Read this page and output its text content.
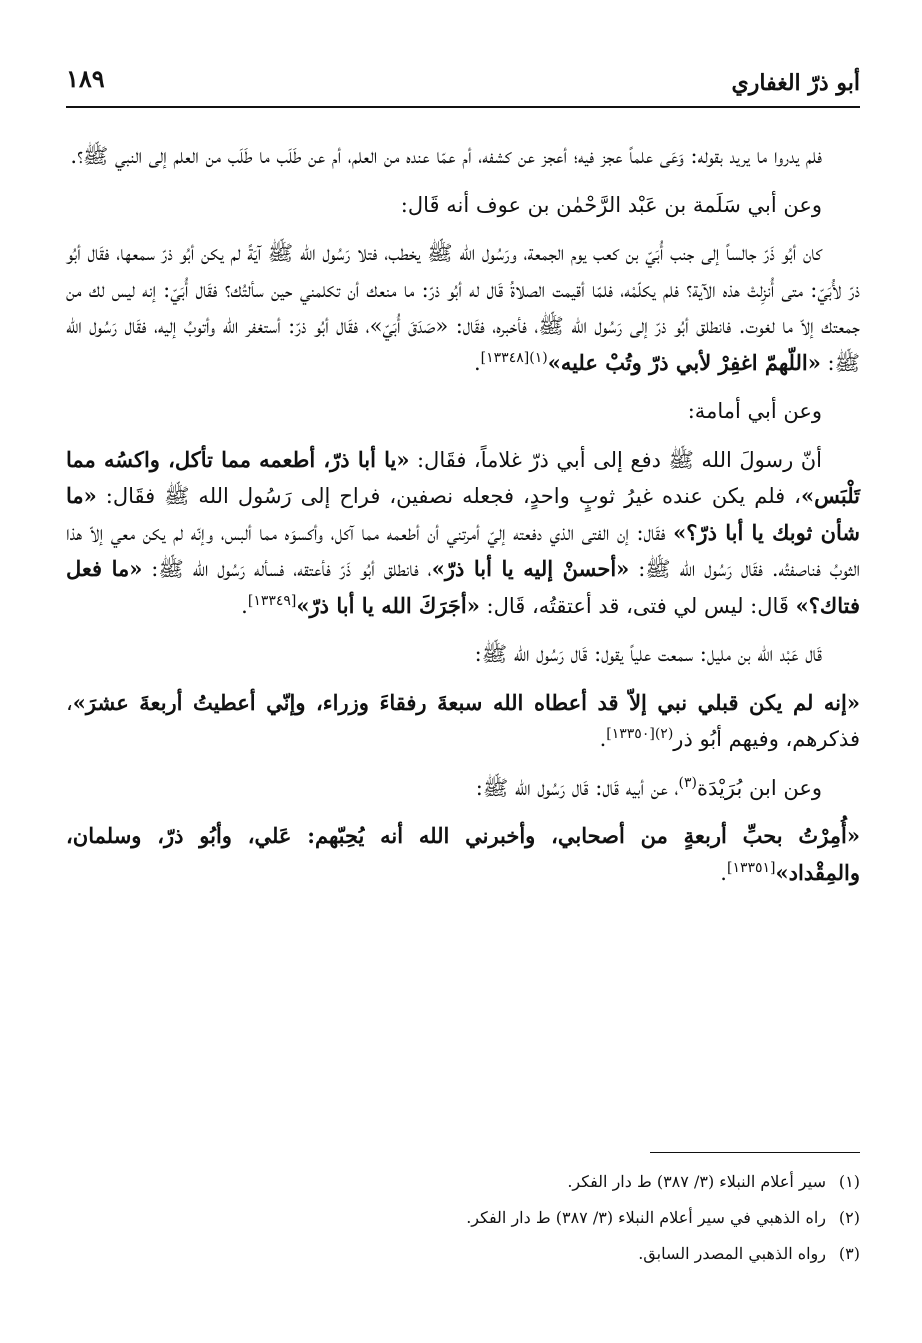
أبو ذرّ الغفاري
١٨٩

فلم يدروا ما يريد بقوله: وَعَى علماً عجز فيه؛ أعجز عن كشفه، أم عمّا عنده من العلم، أم عن طَلَب ما طَلَب من العلم إلى النبي ﷺ؟.

وعن أبي سَلَمة بن عَبْد الرَّحْمٰن بن عوف أنه قَال:

كان أبُو ذَرّ جالساً إلى جنب أُبَيّ بن كعب يوم الجمعة، ورَسُول الله ﷺ يخطب، فتلا رَسُول الله ﷺ آيَةً لم يكن أبُو ذرّ سمعها، فقَال أبُو ذرّ لأُبَيّ: متى أُنزِلتْ هذه الآية؟ فلم يكلّمْه، فلمّا أقيمت الصلاةُ قَال له أبُو ذرّ: ما منعك أن تكلمني حين سألتُك؟ فقَال أُبَيّ: إنه ليس لك من جمعتك إلاّ ما لغوت. فانطلق أبُو ذرّ إلى رَسُول الله ﷺ، فأخبره، فقَال: «صَدَقَ أُبَيّ»، فقَال أبُو ذرّ: أستغفر الله وأتوبُ إليه، فقَال رَسُول الله ﷺ: «اللّهمّ اغفِرْ لأبي ذرّ وتُبْ عليه»$^{(١)[١٣٣٤٨]}$.

وعن أبي أمامة:

أنّ رسولَ الله ﷺ دفع إلى أبي ذرّ غلاماً، فقَال: «يا أبا ذرّ، أطعمه مما تأكل، واكسُه مما تَلْبَس»، فلم يكن عنده غيرُ ثوبٍ واحدٍ، فجعله نصفين، فراح إلى رَسُول الله ﷺ فقَال: «ما شأن ثوبك يا أبا ذرّ؟» فقَال: إن الفتى الذي دفعته إليّ أمرتني أن أطعمه مما آكل، وأكسوَه مما ألبس، وإنّه لم يكن معي إلاّ هذا الثوبُ فناصفتُه. فقَال رَسُول الله ﷺ: «أحسنْ إليه يا أبا ذرّ»، فانطلق أبُو ذَرّ فأعتقه، فسأله رَسُول الله ﷺ: «ما فعل فتاك؟» قَال: ليس لي فتى، قد أعتقتُه، قَال: «أجَرَكَ الله يا أبا ذرّ»[١٣٣٤٩].

قَال عَبْد اللّه بن مليل: سمعت علياً يقول: قَال رَسُول الله ﷺ:

«إنه لم يكن قبلي نبي إلاّ قد أعطاه الله سبعةَ رفقاءَ وزراء، وإنّي أعطيتُ أربعةَ عشرَ»، فذكرهم، وفيهم أبُو ذر$^{(٢)[١٣٣٥٠]}$.

وعن ابن بُرَيْدَة$^{(٣)}$، عن أبيه قَال: قَال رَسُول الله ﷺ:

«أُمِرْتُ بحبِّ أربعةٍ من أصحابي، وأخبرني الله أنه يُحِبّهم: عَلي، وأبُو ذرّ، وسلمان، والمِقْداد»[١٣٣٥١].

(١)سير أعلام النبلاء (٣/ ٣٨٧) ط دار الفكر.
(٢)راه الذهبي في سير أعلام النبلاء (٣/ ٣٨٧) ط دار الفكر.
(٣)رواه الذهبي المصدر السابق.
